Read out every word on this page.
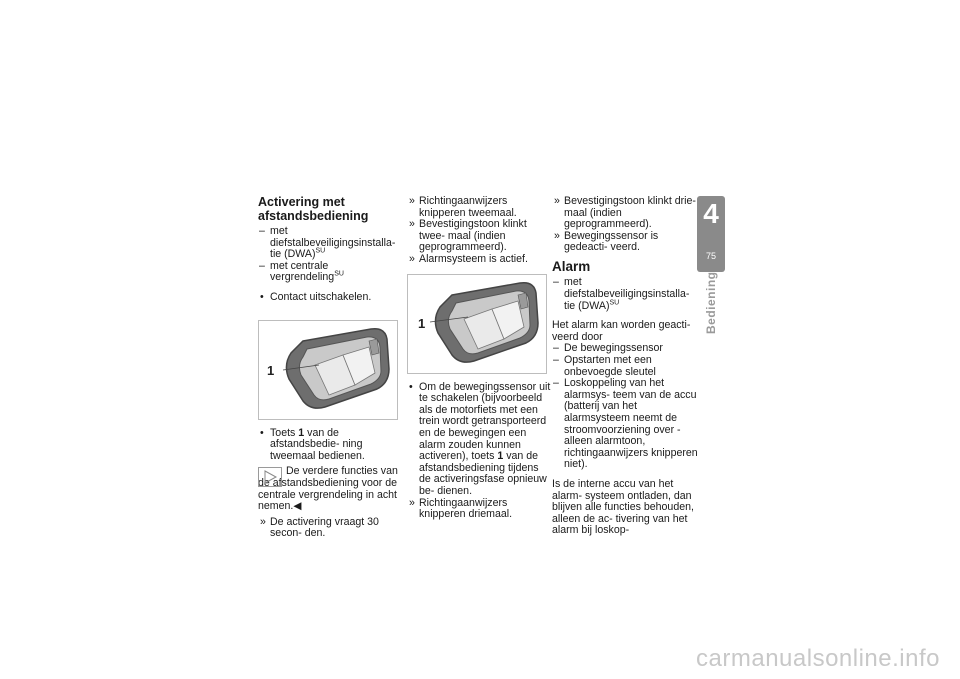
Activering met afstandsbediening

– met diefstalbeveiligingsinstalla- tie (DWA)$^{SU}$
– met centrale vergrendeling$^{SU}$
• Contact uitschakelen.
1
• Toets 1 van de afstandsbedie- ning tweemaal bedienen.

De verdere functies van de afstandsbediening voor de centrale vergrendeling in acht nemen.◀

» De activering vraagt 30 secon- den.
» Richtingaanwijzers knipperen tweemaal.
» Bevestigingstoon klinkt twee- maal (indien geprogrammeerd).
» Alarmsysteem is actief.
1
• Om de bewegingssensor uit te schakelen (bijvoorbeeld als de motorfiets met een trein wordt getransporteerd en de bewegingen een alarm zouden kunnen activeren), toets 1 van de afstandsbediening tijdens de activeringsfase opnieuw be- dienen.
» Richtingaanwijzers knipperen driemaal.
» Bevestigingstoon klinkt drie- maal (indien geprogrammeerd).
» Bewegingssensor is gedeacti- veerd.

Alarm

– met diefstalbeveiligingsinstalla- tie (DWA)$^{SU}$

Het alarm kan worden geacti- veerd door

– De bewegingssensor
– Opstarten met een onbevoegde sleutel
– Loskoppeling van het alarmsys- teem van de accu (batterij van het alarmsysteem neemt de stroomvoorziening over - alleen alarmtoon, richtingaanwijzers knipperen niet).

Is de interne accu van het alarm- systeem ontladen, dan blijven alle functies behouden, alleen de ac- tivering van het alarm bij loskop-

4
75
Bediening
carmanualsonline.info
